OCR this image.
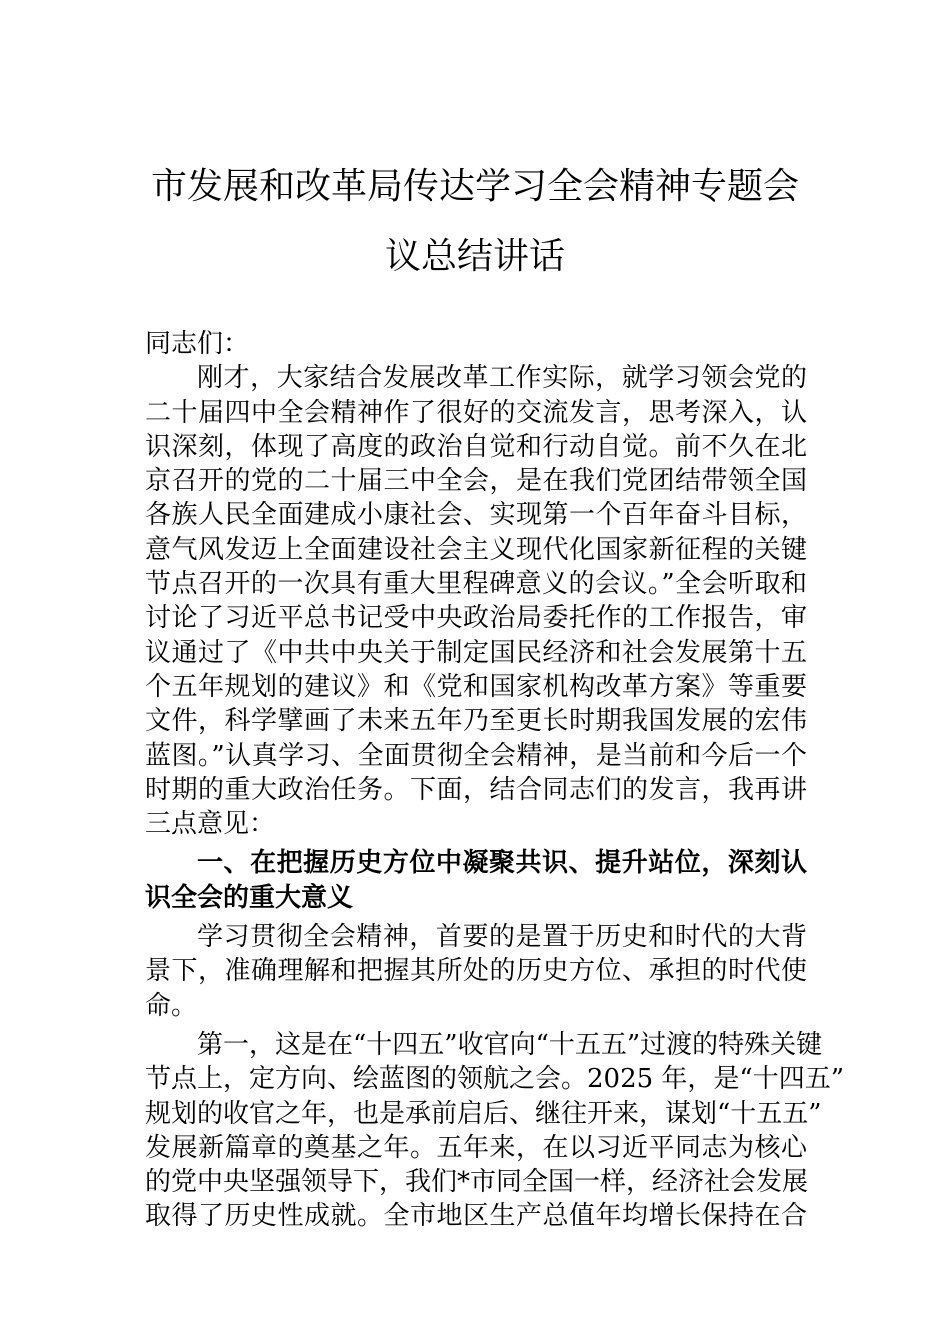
市发展和改革局传达学习全会精神专题会
议总结讲话
同志们：
刚才，大家结合发展改革工作实际，就学习领会党的
二十届四中全会精神作了很好的交流发言，思考深入，认
识深刻，体现了高度的政治自觉和行动自觉。前不久在北
京召开的党的二十届三中全会，是在我们党团结带领全国
各族人民全面建成小康社会、实现第一个百年奋斗目标，
意气风发迈上全面建设社会主义现代化国家新征程的关键
节点召开的一次具有重大里程碑意义的会议。”全会听取和
讨论了习近平总书记受中央政治局委托作的工作报告，审
议通过了《中共中央关于制定国民经济和社会发展第十五
个五年规划的建议》和《党和国家机构改革方案》等重要
文件，科学擘画了未来五年乃至更长时期我国发展的宏伟
蓝图。”认真学习、全面贯彻全会精神，是当前和今后一个
时期的重大政治任务。下面，结合同志们的发言，我再讲
三点意见：
一、在把握历史方位中凝聚共识、提升站位，深刻认
识全会的重大意义
学习贯彻全会精神，首要的是置于历史和时代的大背
景下，准确理解和把握其所处的历史方位、承担的时代使
命。
第一，这是在“十四五”收官向“十五五”过渡的特殊关键
节点上，定方向、绘蓝图的领航之会。2025 年，是“十四五”
规划的收官之年，也是承前启后、继往开来，谋划“十五五”
发展新篇章的奠基之年。五年来，在以习近平同志为核心
的党中央坚强领导下，我们*市同全国一样，经济社会发展
取得了历史性成就。全市地区生产总值年均增长保持在合
